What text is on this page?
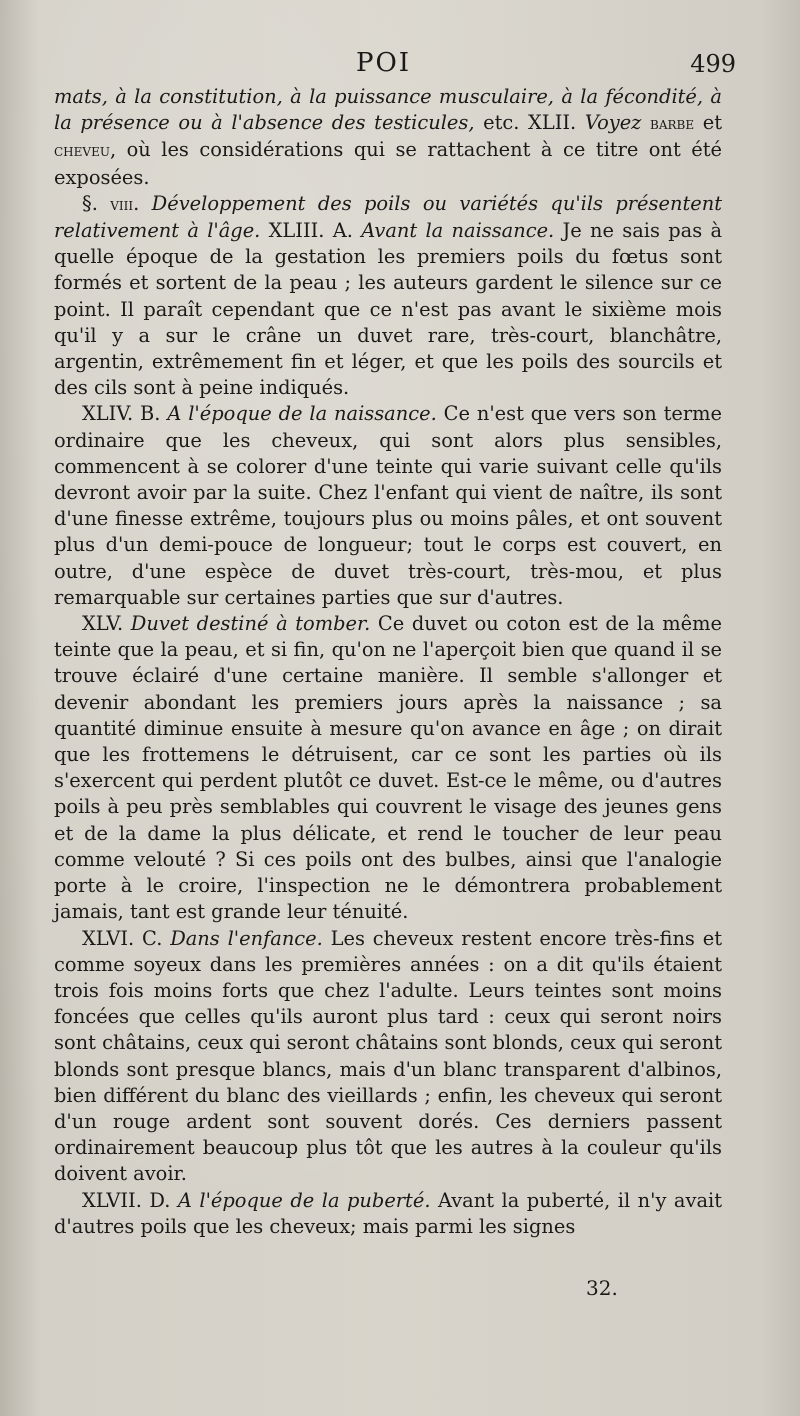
POI	499

mats, à la constitution, à la puissance musculaire, à la fécondité, à la présence ou à l'absence des testicules, etc. XLII. Voyez barbe et cheveu, où les considérations qui se rattachent à ce titre ont été exposées.

§. viii. Développement des poils ou variétés qu'ils présentent relativement à l'âge. XLIII. A. Avant la naissance. Je ne sais pas à quelle époque de la gestation les premiers poils du fœtus sont formés et sortent de la peau ; les auteurs gardent le silence sur ce point. Il paraît cependant que ce n'est pas avant le sixième mois qu'il y a sur le crâne un duvet rare, très-court, blanchâtre, argentin, extrêmement fin et léger, et que les poils des sourcils et des cils sont à peine indiqués.

XLIV. B. A l'époque de la naissance. Ce n'est que vers son terme ordinaire que les cheveux, qui sont alors plus sensibles, commencent à se colorer d'une teinte qui varie suivant celle qu'ils devront avoir par la suite. Chez l'enfant qui vient de naître, ils sont d'une finesse extrême, toujours plus ou moins pâles, et ont souvent plus d'un demi-pouce de longueur; tout le corps est couvert, en outre, d'une espèce de duvet très-court, très-mou, et plus remarquable sur certaines parties que sur d'autres.

XLV. Duvet destiné à tomber. Ce duvet ou coton est de la même teinte que la peau, et si fin, qu'on ne l'aperçoit bien que quand il se trouve éclairé d'une certaine manière. Il semble s'allonger et devenir abondant les premiers jours après la naissance ; sa quantité diminue ensuite à mesure qu'on avance en âge ; on dirait que les frottemens le détruisent, car ce sont les parties où ils s'exercent qui perdent plutôt ce duvet. Est-ce le même, ou d'autres poils à peu près semblables qui couvrent le visage des jeunes gens et de la dame la plus délicate, et rend le toucher de leur peau comme velouté ? Si ces poils ont des bulbes, ainsi que l'analogie porte à le croire, l'inspection ne le démontrera probablement jamais, tant est grande leur ténuité.

XLVI. C. Dans l'enfance. Les cheveux restent encore très-fins et comme soyeux dans les premières années : on a dit qu'ils étaient trois fois moins forts que chez l'adulte. Leurs teintes sont moins foncées que celles qu'ils auront plus tard : ceux qui seront noirs sont châtains, ceux qui seront châtains sont blonds, ceux qui seront blonds sont presque blancs, mais d'un blanc transparent d'albinos, bien différent du blanc des vieillards ; enfin, les cheveux qui seront d'un rouge ardent sont souvent dorés. Ces derniers passent ordinairement beaucoup plus tôt que les autres à la couleur qu'ils doivent avoir.

XLVII. D. A l'époque de la puberté. Avant la puberté, il n'y avait d'autres poils que les cheveux; mais parmi les signes

32.
